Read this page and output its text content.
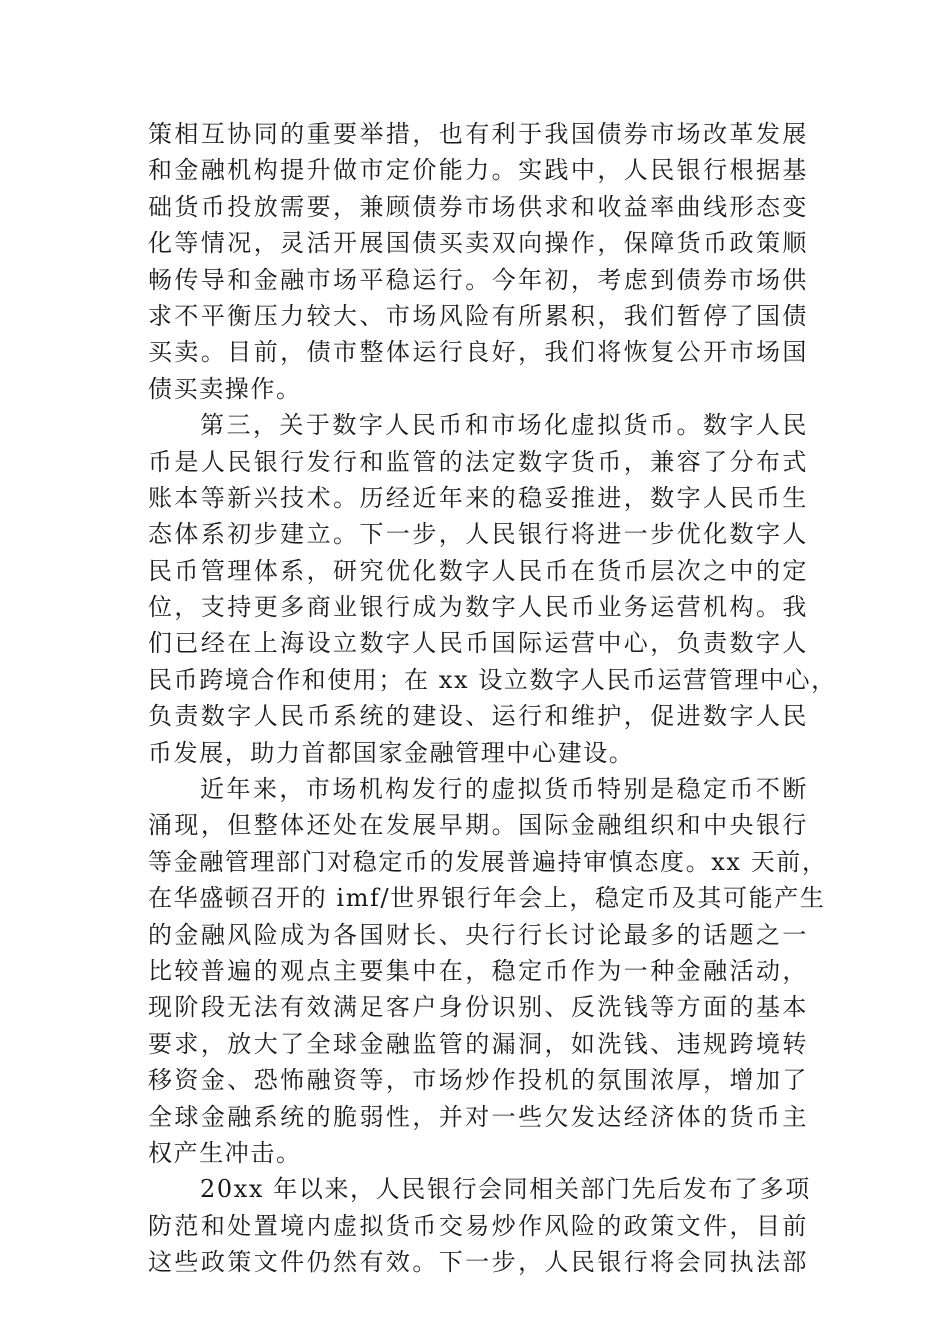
策相互协同的重要举措，也有利于我国债券市场改革发展
和金融机构提升做市定价能力。实践中，人民银行根据基
础货币投放需要，兼顾债券市场供求和收益率曲线形态变
化等情况，灵活开展国债买卖双向操作，保障货币政策顺
畅传导和金融市场平稳运行。今年初，考虑到债券市场供
求不平衡压力较大、市场风险有所累积，我们暂停了国债
买卖。目前，债市整体运行良好，我们将恢复公开市场国
债买卖操作。
第三，关于数字人民币和市场化虚拟货币。数字人民
币是人民银行发行和监管的法定数字货币，兼容了分布式
账本等新兴技术。历经近年来的稳妥推进，数字人民币生
态体系初步建立。下一步，人民银行将进一步优化数字人
民币管理体系，研究优化数字人民币在货币层次之中的定
位，支持更多商业银行成为数字人民币业务运营机构。我
们已经在上海设立数字人民币国际运营中心，负责数字人
民币跨境合作和使用；在 xx 设立数字人民币运营管理中心，
负责数字人民币系统的建设、运行和维护，促进数字人民
币发展，助力首都国家金融管理中心建设。
近年来，市场机构发行的虚拟货币特别是稳定币不断
涌现，但整体还处在发展早期。国际金融组织和中央银行
等金融管理部门对稳定币的发展普遍持审慎态度。xx 天前，
在华盛顿召开的 imf/世界银行年会上，稳定币及其可能产生
的金融风险成为各国财长、央行行长讨论最多的话题之一
比较普遍的观点主要集中在，稳定币作为一种金融活动，
现阶段无法有效满足客户身份识别、反洗钱等方面的基本
要求，放大了全球金融监管的漏洞，如洗钱、违规跨境转
移资金、恐怖融资等，市场炒作投机的氛围浓厚，增加了
全球金融系统的脆弱性，并对一些欠发达经济体的货币主
权产生冲击。
20xx 年以来，人民银行会同相关部门先后发布了多项
防范和处置境内虚拟货币交易炒作风险的政策文件，目前
这些政策文件仍然有效。下一步，人民银行将会同执法部
